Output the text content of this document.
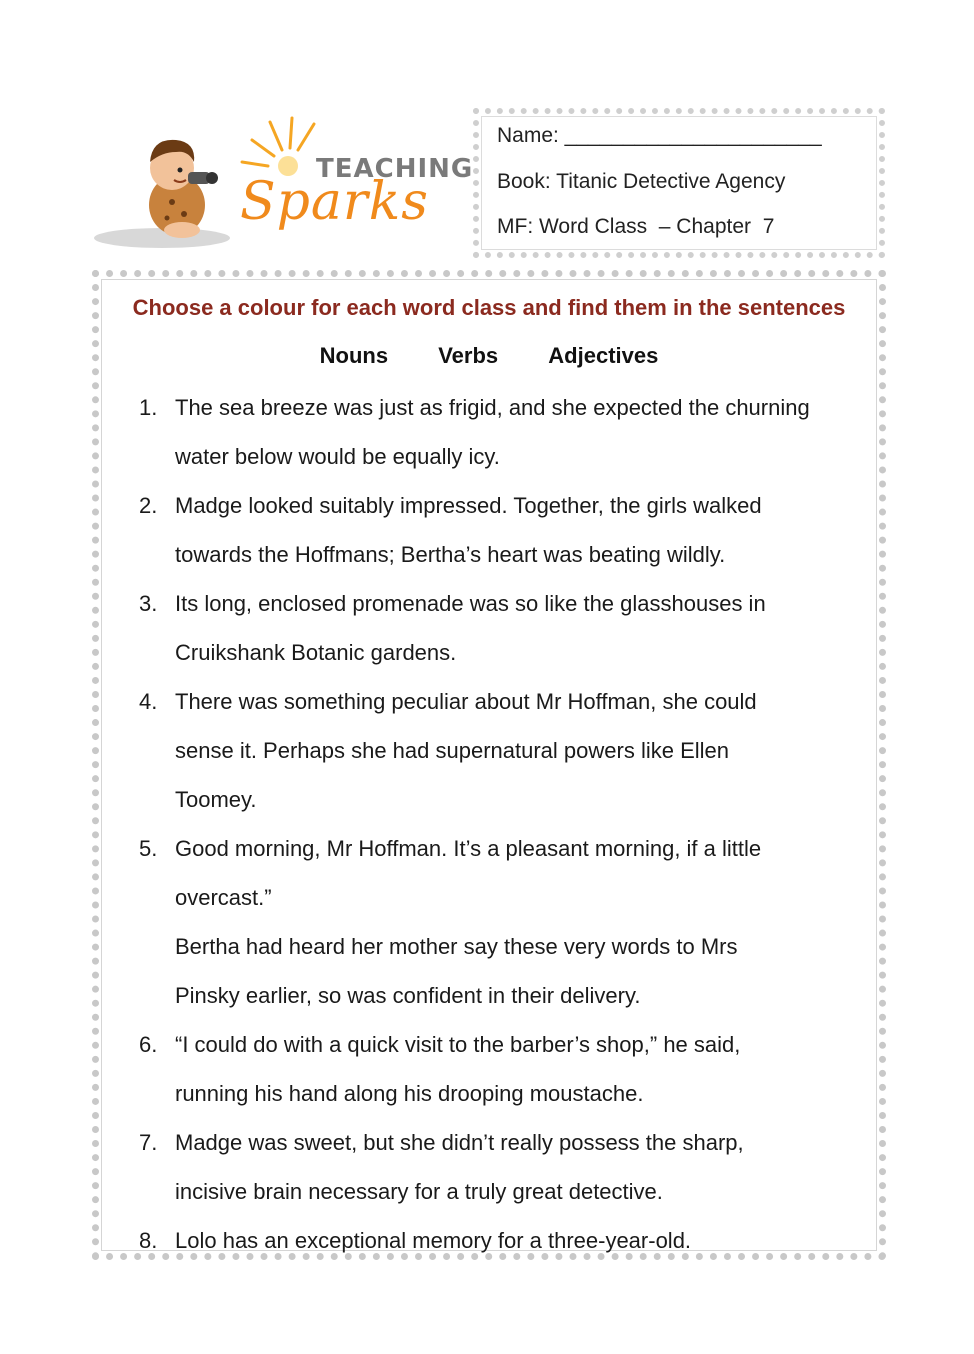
TEACHING
Sparks
Name: ______________________
Book: Titanic Detective Agency
MF: Word Class  – Chapter  7
Choose a colour for each word class and find them in the sentences
Nouns Verbs Adjectives
1. The sea breeze was just as frigid, and she expected the churning
water below would be equally icy.
2. Madge looked suitably impressed. Together, the girls walked
towards the Hoffmans; Bertha’s heart was beating wildly.
3. Its long, enclosed promenade was so like the glasshouses in
Cruikshank Botanic gardens.
4. There was something peculiar about Mr Hoffman, she could
sense it. Perhaps she had supernatural powers like Ellen
Toomey.
5. Good morning, Mr Hoffman. It’s a pleasant morning, if a little
overcast.”
Bertha had heard her mother say these very words to Mrs
Pinsky earlier, so was confident in their delivery.
6. “I could do with a quick visit to the barber’s shop,” he said,
running his hand along his drooping moustache.
7. Madge was sweet, but she didn’t really possess the sharp,
incisive brain necessary for a truly great detective.
8. Lolo has an exceptional memory for a three-year-old.
